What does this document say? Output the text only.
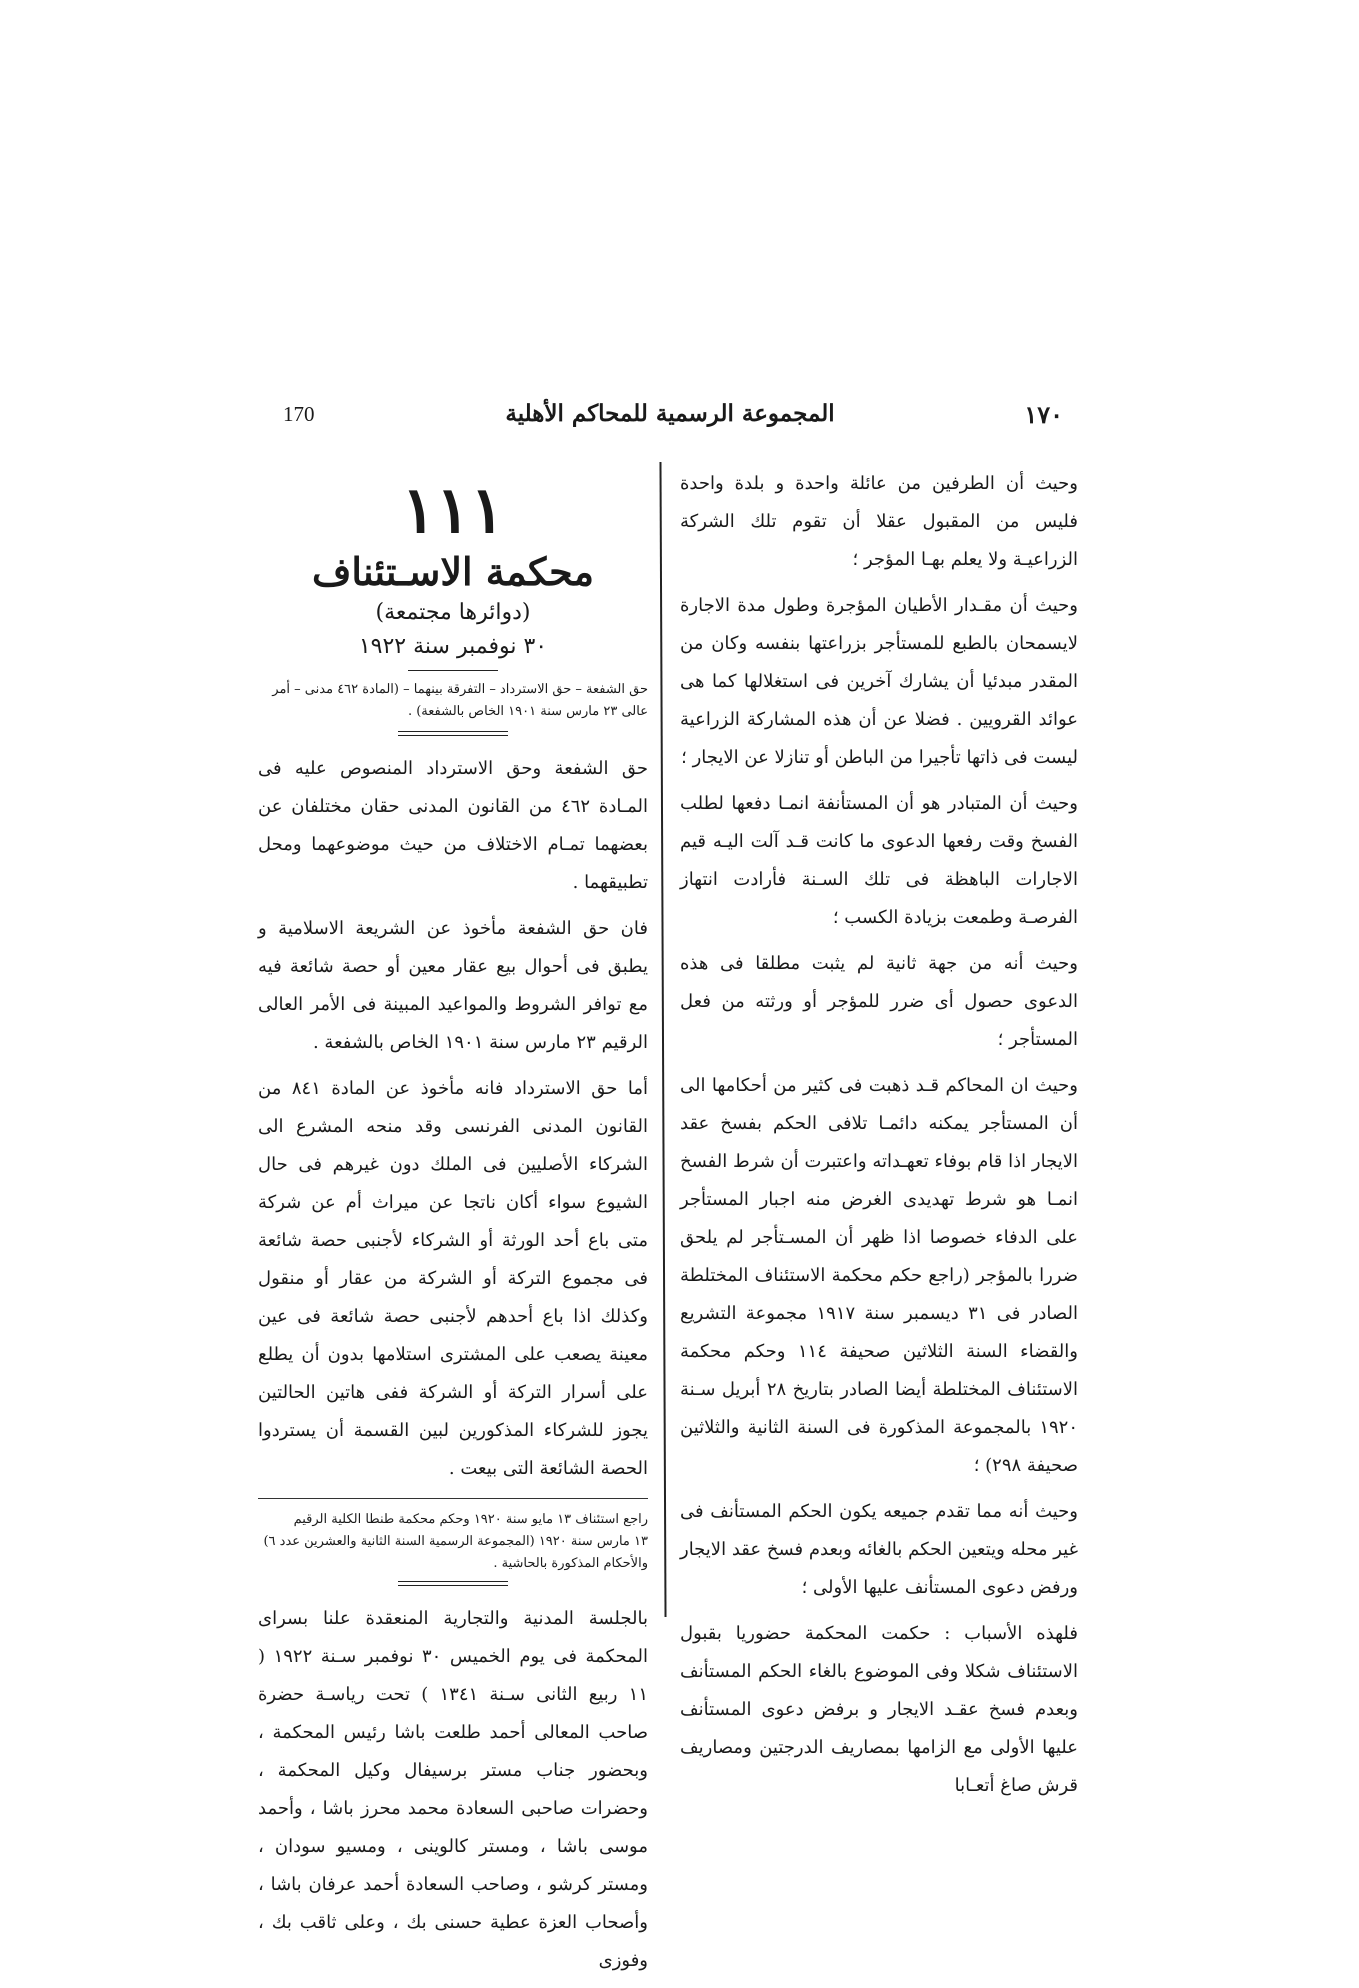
170	المجموعة الرسمية للمحاكم الأهلية	١٧٠

وحيث أن الطرفين من عائلة واحدة و بلدة واحدة فليس من المقبول عقلا أن تقوم تلك الشركة الزراعيـة ولا يعلم بهـا المؤجر ؛

وحيث أن مقـدار الأطيان المؤجرة وطول مدة الاجارة لايسمحان بالطبع للمستأجر بزراعتها بنفسه وكان من المقدر مبدئيا أن يشارك آخرين فى استغلالها كما هى عوائد القرويين . فضلا عن أن هذه المشاركة الزراعية ليست فى ذاتها تأجيرا من الباطن أو تنازلا عن الايجار ؛

وحيث أن المتبادر هو أن المستأنفة انمـا دفعها لطلب الفسخ وقت رفعها الدعوى ما كانت قـد آلت اليـه قيم الاجارات الباهظة فى تلك السـنة فأرادت انتهاز الفرصـة وطمعت بزيادة الكسب ؛

وحيث أنه من جهة ثانية لم يثبت مطلقا فى هذه الدعوى حصول أى ضرر للمؤجر أو ورثته من فعل المستأجر ؛

وحيث ان المحاكم قـد ذهبت فى كثير من أحكامها الى أن المستأجر يمكنه دائمـا تلافى الحكم بفسخ عقد الايجار اذا قام بوفاء تعهـداته واعتبرت أن شرط الفسخ انمـا هو شرط تهديدى الغرض منه اجبار المستأجر على الدفاء خصوصا اذا ظهر أن المسـتأجر لم يلحق ضررا بالمؤجر (راجع حكم محكمة الاستئناف المختلطة الصادر فى ٣١ ديسمبر سنة ١٩١٧ مجموعة التشريع والقضاء السنة الثلاثين صحيفة ١١٤ وحكم محكمة الاستئناف المختلطة أيضا الصادر بتاريخ ٢٨ أبريل سـنة ١٩٢٠ بالمجموعة المذكورة فى السنة الثانية والثلاثين صحيفة ٢٩٨) ؛

وحيث أنه مما تقدم جميعه يكون الحكم المستأنف فى غير محله ويتعين الحكم بالغائه وبعدم فسخ عقد الايجار ورفض دعوى المستأنف عليها الأولى ؛

فلهذه الأسباب : حكمت المحكمة حضوريا بقبول الاستئناف شكلا وفى الموضوع بالغاء الحكم المستأنف وبعدم فسخ عقـد الايجار و برفض دعوى المستأنف عليها الأولى مع الزامها بمصاريف الدرجتين ومصاريف قرش صاغ أتعـابا

١١١
محكمة الاسـتئناف
(دوائرها مجتمعة)
٣٠ نوفمبر سنة ١٩٢٢
حق الشفعة – حق الاسترداد – التفرقة بينهما – (المادة ٤٦٢ مدنى – أمر عالى ٢٣ مارس سنة ١٩٠١ الخاص بالشفعة) .

حق الشفعة وحق الاسترداد المنصوص عليه فى المـادة ٤٦٢ من القانون المدنى حقان مختلفان عن بعضهما تمـام الاختلاف من حيث موضوعهما ومحل تطبيقهما .

فان حق الشفعة مأخوذ عن الشريعة الاسلامية و يطبق فى أحوال بيع عقار معين أو حصة شائعة فيه مع توافر الشروط والمواعيد المبينة فى الأمر العالى الرقيم ٢٣ مارس سنة ١٩٠١ الخاص بالشفعة .

أما حق الاسترداد فانه مأخوذ عن المادة ٨٤١ من القانون المدنى الفرنسى وقد منحه المشرع الى الشركاء الأصليين فى الملك دون غيرهم فى حال الشيوع سواء أكان ناتجا عن ميراث أم عن شركة متى باع أحد الورثة أو الشركاء لأجنبى حصة شائعة فى مجموع التركة أو الشركة من عقار أو منقول وكذلك اذا باع أحدهم لأجنبى حصة شائعة فى عين معينة يصعب على المشترى استلامها بدون أن يطلع على أسرار التركة أو الشركة ففى هاتين الحالتين يجوز للشركاء المذكورين لبين القسمة أن يستردوا الحصة الشائعة التى بيعت .

راجع استئناف ١٣ مايو سنة ١٩٢٠ وحكم محكمة طنطا الكلية الرقيم
١٣ مارس سنة ١٩٢٠ (المجموعة الرسمية السنة الثانية والعشرين عدد ٦)
والأحكام المذكورة بالحاشية .

بالجلسة المدنية والتجارية المنعقدة علنا بسراى المحكمة فى يوم الخميس ٣٠ نوفمبر سـنة ١٩٢٢ ( ١١ ربيع الثانى سـنة ١٣٤١ ) تحت رياسـة حضرة صاحب المعالى أحمد طلعت باشا رئيس المحكمة ، وبحضور جناب مستر برسيفال وكيل المحكمة ، وحضرات صاحبى السعادة محمد محرز باشا ، وأحمد موسى باشا ، ومستر كالوينى ، ومسيو سودان ، ومستر كرشو ، وصاحب السعادة أحمد عرفان باشا ، وأصحاب العزة عطية حسنى بك ، وعلى ثاقب بك ، وفوزى
